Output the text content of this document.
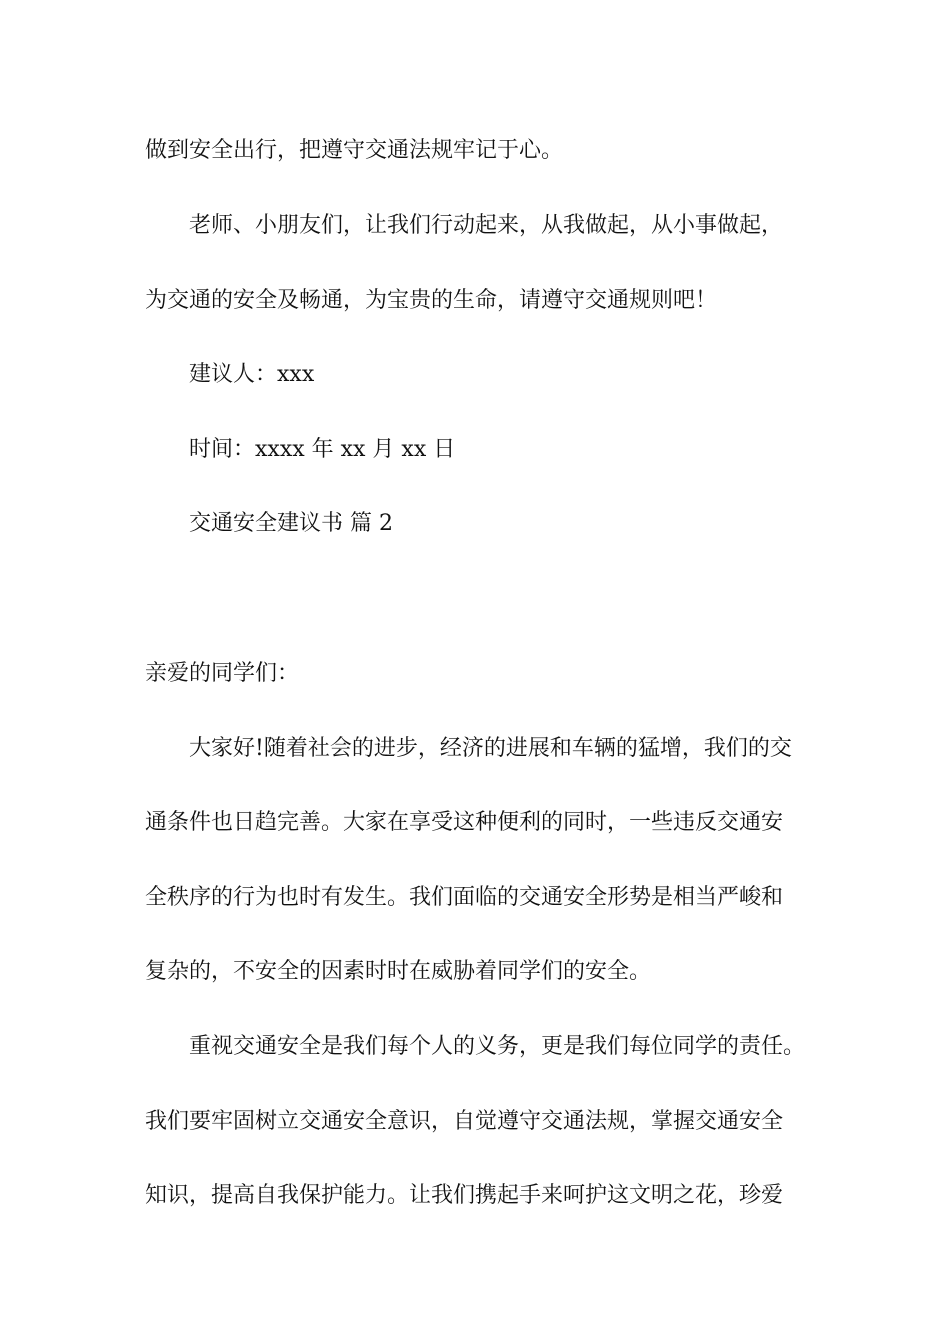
做到安全出行，把遵守交通法规牢记于心。
老师、小朋友们，让我们行动起来，从我做起，从小事做起，
为交通的安全及畅通，为宝贵的生命，请遵守交通规则吧！
建议人：xxx
时间：xxxx 年 xx 月 xx 日
交通安全建议书 篇 2
亲爱的同学们：
大家好!随着社会的进步，经济的进展和车辆的猛增，我们的交
通条件也日趋完善。大家在享受这种便利的同时，一些违反交通安
全秩序的行为也时有发生。我们面临的交通安全形势是相当严峻和
复杂的，不安全的因素时时在威胁着同学们的安全。
重视交通安全是我们每个人的义务，更是我们每位同学的责任。
我们要牢固树立交通安全意识，自觉遵守交通法规，掌握交通安全
知识，提高自我保护能力。让我们携起手来呵护这文明之花，珍爱
